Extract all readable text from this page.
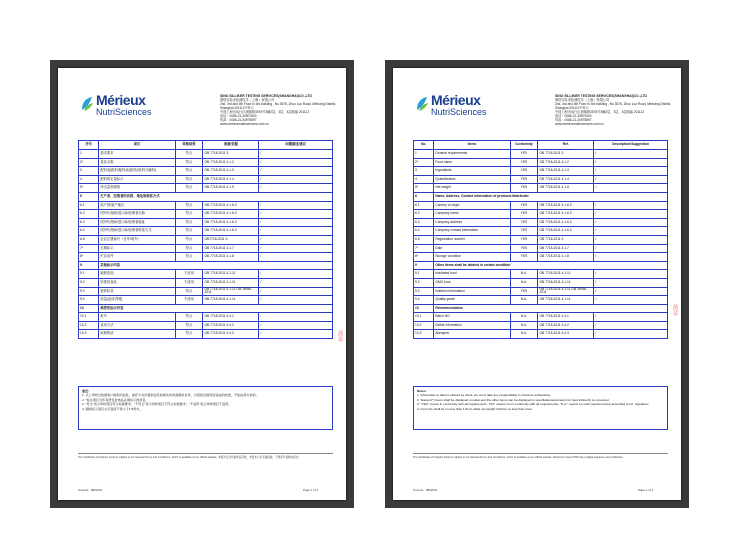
Mérieux
NutriSciences
SINO SILLIKER TESTING SERVICES(SHANGHAI)CO.,LTD
德塔实验室检测技术（上海）有限公司
2nd, 3rd and 4th Floor in 3rd building , No.3576, Zhuo Luo Road, Minhang District, Shanghai 201112 P.R.C
中国上海市闵行区浦锦路3576号3幢2层、3层、4层邮编 201112
电话：0086-21-34907600
传真：0086-21-34975897
www.merieuxnutrisciences.com.cn
盖章
序号	项目	审核结果	条款/依据	问题描述/建议
1	基本要求	符合	GB 7718-2011 3	/
2*	食品名称	符合	GB 7718-2011 4.1.2	/
3	配料表(配料/配料表(原料)/原料与辅料)	符合	GB 7718-2011 4.1.3	/
4	配料的定量标示	符合	GB 7718-2011 4.1.4	/
5*	净含量和规格	符合	GB 7718-2011 4.1.5	/
6	生产者、经销者的名称、地址和联系方式			
6.1	原产国/原产地区	符合	GB 7718-2011 4.1.6.3	/
6.2	国内代理商/进口商/经销者名称	符合	GB 7718-2011 4.1.6.3	/
6.3	国内代理商/进口商/经销者地址	符合	GB 7718-2011 4.1.6.3	/
6.4	国内代理商/进口商/经销者联系方式	符合	GB 7718-2011 4.1.6.3	/
6.5	企业注册编号（在华/境外）	符合	GB7718-2011 3	/
7*	日期标示	符合	GB 7718-2011 4.1.7	/
8*	贮存条件	符合	GB 7718-2011 4.1.8	/
9	其他标示内容			
9.1	辐照食品	不适用	GB 7718-2011 4.1.11	/
9.2	转基因食品	不适用	GB 7718-2011 4.1.11	/
9.3	营养标签	符合	GB 7718-2011 4.1.11 GB 28050-2011	/
9.4	质量(品质)等级	不适用	GB 7718-2011 4.1.11	/
10	推荐性标示内容			
10.1	批号	符合	GB 7718-2011 4.4.1	/
10.2	食用方法	符合	GB 7718-2011 4.4.2	/
10.3	致敏物质	符合	GB 7718-2011 4.4.3	/
备注：
1. 以上审核仅依据客户提供的信息，委托方对所提供信息的真实性和准确性负责，对因信息错误而造成的结果，不能由我方承担。
2. *标注项目为所有预包装食品必须标示的项目。
3. "符合"表示审核项目符合标准要求；"不符合"表示审核项目不符合标准要求；"不适用"表示审核项目不适用。
4. 强制标示项目文字高度不得小于1.8毫米。
The Certificate of Analysis (CoA) is subject to our General Terms and Conditions, which is available at our official website. 本报告仅对所检样品有效，未经本公司书面批准，不得部分复制本报告。
CoA No.: 0802241	Page 1 of 1
Mérieux
NutriSciences
SINO SILLIKER TESTING SERVICES(SHANGHAI)CO.,LTD
德塔实验室检测技术（上海）有限公司
2nd, 3rd and 4th Floor in 3rd building , No.3576, Zhuo Luo Road, Minhang District, Shanghai 201112 P.R.C
中国上海市闵行区浦锦路3576号3幢2层、3层、4层邮编 201112
电话：0086-21-34907600
传真：0086-21-34975897
www.merieuxnutrisciences.com.cn
盖章
No.	Items	Conformity	Ref.	Description/Suggestion
1	General requirements	YES	GB 7718-2011 3	/
2*	Food name	YES	GB 7718-2011 4.1.2	/
3	Ingredients	YES	GB 7718-2011 4.1.3	/
4	Quantification	YES	GB 7718-2011 4.1.4	/
5*	Net weight	YES	GB 7718-2011 4.1.5	/
6	Name, Address, Contact information of producer/distributer			
6.1	Country of origin	YES	GB 7718-2011 4.1.6.3	/
6.2	Company name	YES	GB 7718-2011 4.1.6.3	/
6.3	Company address	YES	GB 7718-2011 4.1.6.3	/
6.4	Company contact information	YES	GB 7718-2011 4.1.6.3	/
6.5	Registration number	YES	GB 7718-2011 3	/
7*	Date	YES	GB 7718-2011 4.1.7	/
8*	Storage condition	YES	GB 7718-2011 4.1.8	/
9	Other items shall be labeled in certain condition			
9.1	Irradiated food	N.A.	GB 7718-2011 4.1.11	/
9.2	GMO food	N.A.	GB 7718-2011 4.1.11	/
9.3	Nutrition information	YES	GB 7718-2011 4.1.11 GB 28050-2011	/
9.4	Quality grade	N.A.	GB 7718-2011 4.1.11	/
10	Recommendation			
10.1	Batch NO.	N.A.	GB 7718-2011 4.4.1	/
10.2	Edible information	N.A.	GB 7718-2011 4.4.2	/
10.3	Allergens	N.A.	GB 7718-2011 4.4.3	/
Notes:
1. Information in label is offered by client, we won't take any responsibility to check its authenticity.
2. Started (*) items shall be displayed on label and the other items can be displayed in specifications/contents for food indirectly to consumer.
3. "YES" means in conformity with all requirements; "NO" means not in conformity with all requirements; "N.A." means no such requirement(s) according to ref. regulation.
4. Font size shall be no less than 1.8mm while net weight shall be no less than 4mm.
The Certificate of Analysis (CoA) is subject to our General Terms and Conditions, which is available at our official website. Electronic CoA in PDF has a digital signature and verification.
CoA No.: 0802241	Page 1 of 1
